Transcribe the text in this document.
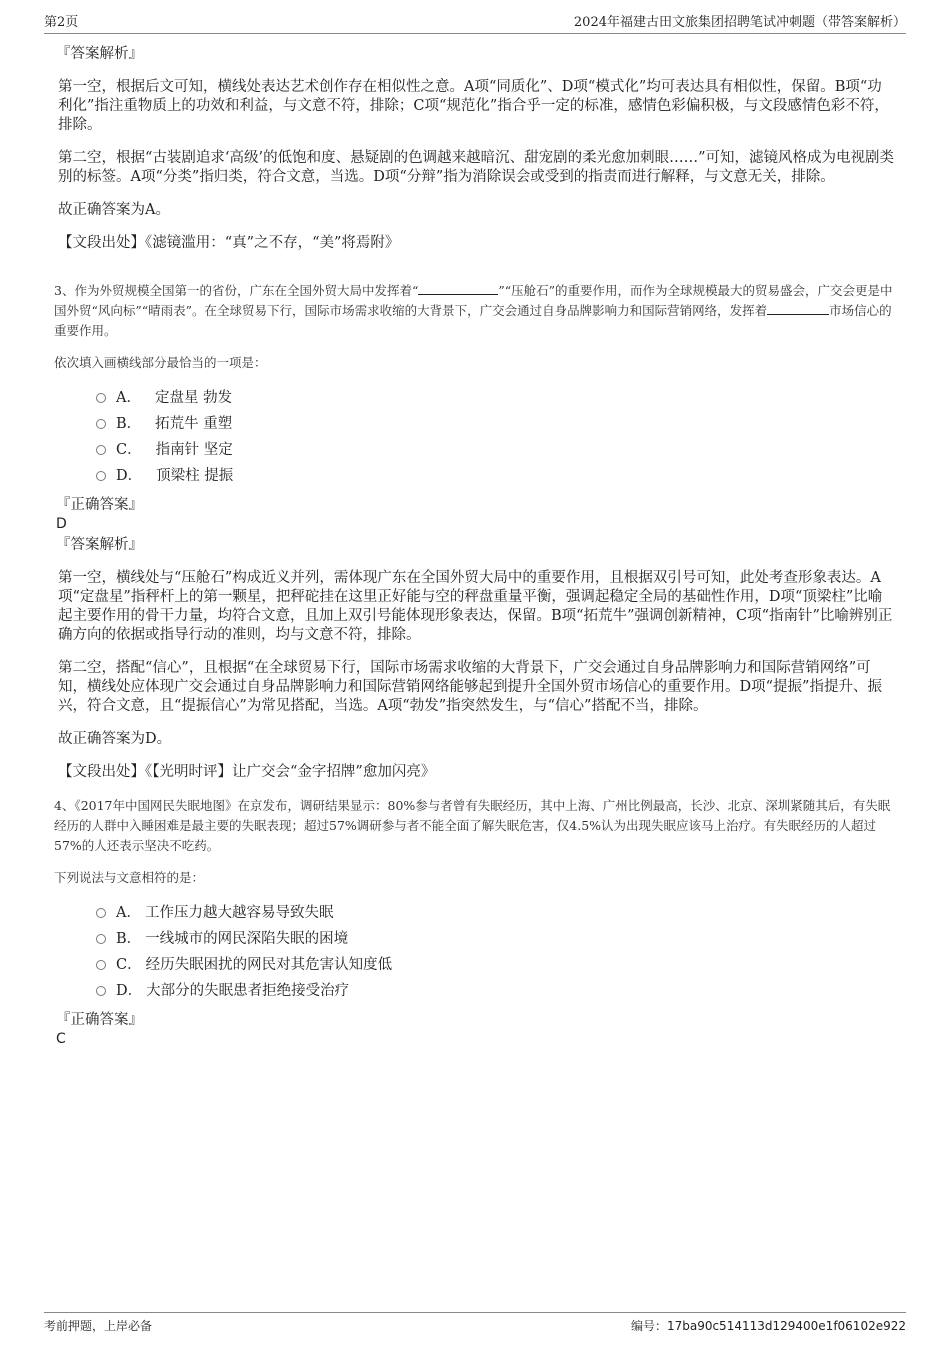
第2页	2024年福建古田文旅集团招聘笔试冲刺题（带答案解析）
『答案解析』

第一空，根据后文可知，横线处表达艺术创作存在相似性之意。A项“同质化”、D项“模式化”均可表达具有相似性，保留。B项“功利化”指注重物质上的功效和利益，与文意不符，排除；C项“规范化”指合乎一定的标准，感情色彩偏积极，与文段感情色彩不符，排除。

第二空，根据“古装剧追求‘高级’的低饱和度、悬疑剧的色调越来越暗沉、甜宠剧的柔光愈加刺眼……”可知，滤镜风格成为电视剧类别的标签。A项“分类”指归类，符合文意，当选。D项“分辩”指为消除误会或受到的指责而进行解释，与文意无关，排除。

故正确答案为A。

【文段出处】《滤镜滥用：“真”之不存，“美”将焉附》

3、作为外贸规模全国第一的省份，广东在全国外贸大局中发挥着“	”“压舱石”的重要作用，而作为全球规模最大的贸易盛会，广交会更是中国外贸“风向标”“晴雨表”。在全球贸易下行，国际市场需求收缩的大背景下，广交会通过自身品牌影响力和国际营销网络，发挥着	市场信心的重要作用。
依次填入画横线部分最恰当的一项是：
A． 定盘星 勃发
B． 拓荒牛 重塑
C． 指南针 坚定
D． 顶梁柱 提振
『正确答案』
D
『答案解析』

第一空，横线处与“压舱石”构成近义并列，需体现广东在全国外贸大局中的重要作用，且根据双引号可知，此处考查形象表达。A项“定盘星”指秤杆上的第一颗星，把秤砣挂在这里正好能与空的秤盘重量平衡，强调起稳定全局的基础性作用，D项“顶梁柱”比喻起主要作用的骨干力量，均符合文意，且加上双引号能体现形象表达，保留。B项“拓荒牛”强调创新精神，C项“指南针”比喻辨别正确方向的依据或指导行动的准则，均与文意不符，排除。

第二空，搭配“信心”，且根据“在全球贸易下行，国际市场需求收缩的大背景下，广交会通过自身品牌影响力和国际营销网络”可知，横线处应体现广交会通过自身品牌影响力和国际营销网络能够起到提升全国外贸市场信心的重要作用。D项“提振”指提升、振兴，符合文意，且“提振信心”为常见搭配，当选。A项“勃发”指突然发生，与“信心”搭配不当，排除。

故正确答案为D。

【文段出处】《【光明时评】让广交会“金字招牌”愈加闪亮》

4、《2017年中国网民失眠地图》在京发布，调研结果显示：80%参与者曾有失眠经历，其中上海、广州比例最高，长沙、北京、深圳紧随其后，有失眠经历的人群中入睡困难是最主要的失眠表现；超过57%调研参与者不能全面了解失眠危害，仅4.5%认为出现失眠应该马上治疗。有失眠经历的人超过57%的人还表示坚决不吃药。
下列说法与文意相符的是：
A． 工作压力越大越容易导致失眠
B． 一线城市的网民深陷失眠的困境
C． 经历失眠困扰的网民对其危害认知度低
D． 大部分的失眠患者拒绝接受治疗
『正确答案』
C
考前押题，上岸必备	编号：17ba90c514113d129400e1f06102e922
